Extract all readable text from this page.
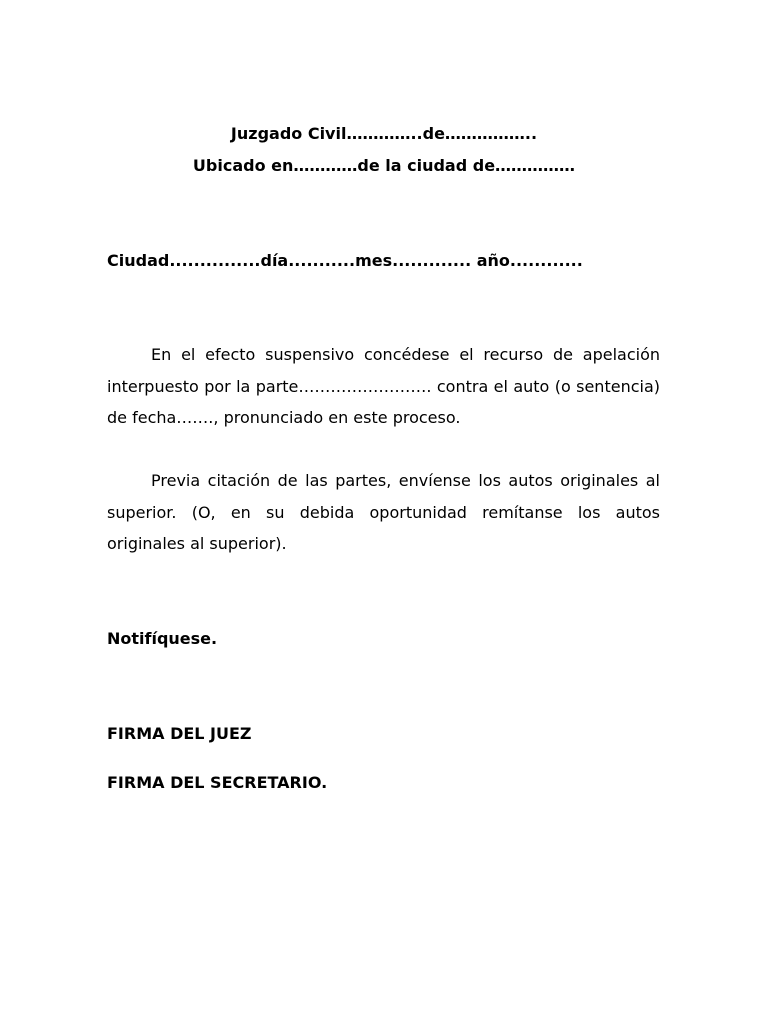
Juzgado Civil…………..de……………..
Ubicado en…………de la ciudad de……………
Ciudad...............día...........mes............. año............

En el efecto suspensivo concédese el recurso de apelación interpuesto por la parte……………………. contra el auto (o sentencia) de fecha……., pronunciado en este proceso.

Previa citación de las partes, envíense los autos originales al superior. (O, en su debida oportunidad remítanse los autos originales al superior).

Notifíquese.
FIRMA DEL JUEZ
FIRMA DEL SECRETARIO.
